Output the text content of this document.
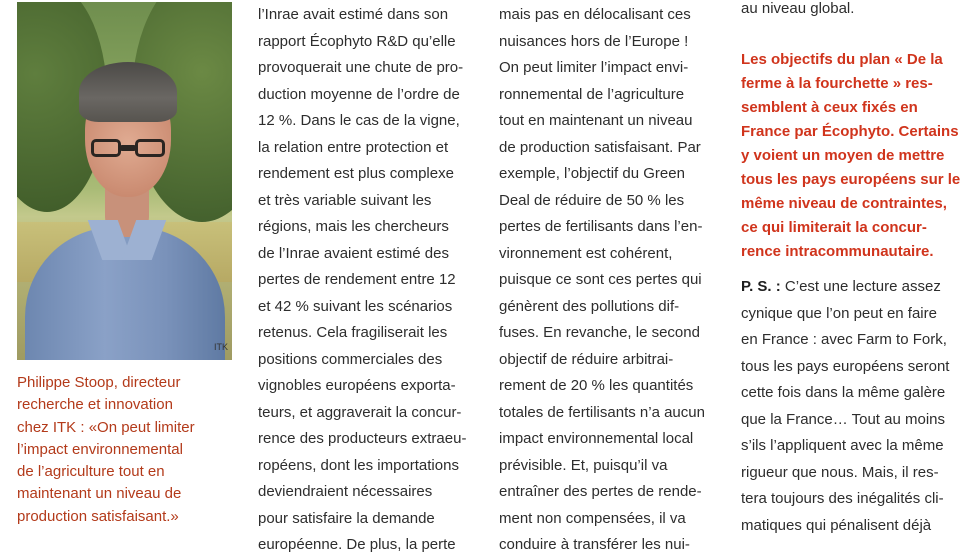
ITK
Philippe Stoop, directeur
recherche et innovation
chez ITK : «On peut limiter
l’impact environnemental
de l’agriculture tout en
maintenant un niveau de
production satisfaisant.»
l’Inrae avait estimé dans son
rapport Écophyto R&D qu’elle
provoquerait une chute de pro-
duction moyenne de l’ordre de
12 %. Dans le cas de la vigne,
la relation entre protection et
rendement est plus complexe
et très variable suivant les
régions, mais les chercheurs
de l’Inrae avaient estimé des
pertes de rendement entre 12
et 42 % suivant les scénarios
retenus. Cela fragiliserait les
positions commerciales des
vignobles européens exporta-
teurs, et aggraverait la concur-
rence des producteurs extraeu-
ropéens, dont les importations
deviendraient nécessaires
pour satisfaire la demande
européenne. De plus, la perte
mais pas en délocalisant ces
nuisances hors de l’Europe !
On peut limiter l’impact envi-
ronnemental de l’agriculture
tout en maintenant un niveau
de production satisfaisant. Par
exemple, l’objectif du Green
Deal de réduire de 50 % les
pertes de fertilisants dans l’en-
vironnement est cohérent,
puisque ce sont ces pertes qui
génèrent des pollutions dif-
fuses. En revanche, le second
objectif de réduire arbitrai-
rement de 20 % les quantités
totales de fertilisants n’a aucun
impact environnemental local
prévisible. Et, puisqu’il va
entraîner des pertes de rende-
ment non compensées, il va
conduire à transférer les nui-
au niveau global.
Les objectifs du plan « De la
ferme à la fourchette » res-
semblent à ceux fixés en
France par Écophyto. Certains
y voient un moyen de mettre
tous les pays européens sur le
même niveau de contraintes,
ce qui limiterait la concur-
rence intracommunautaire.
P. S. : C’est une lecture assez
cynique que l’on peut en faire
en France : avec Farm to Fork,
tous les pays européens seront
cette fois dans la même galère
que la France… Tout au moins
s’ils l’appliquent avec la même
rigueur que nous. Mais, il res-
tera toujours des inégalités cli-
matiques qui pénalisent déjà
